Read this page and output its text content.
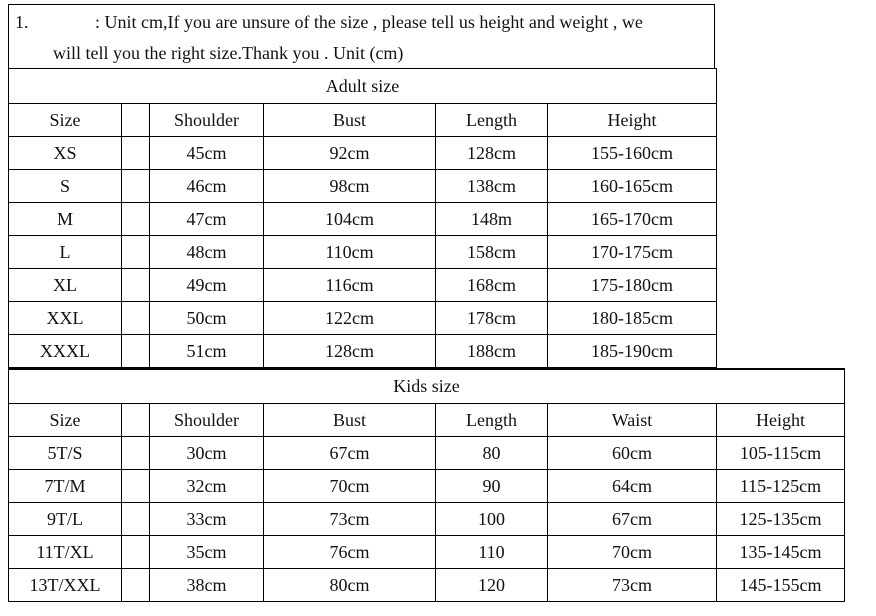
1.	: Unit cm,If you are unsure of the size , please tell us height and weight , we
will tell you the right size.Thank you . Unit (cm)
Adult size					
Size		Shoulder	Bust	Length	Height
XS		45cm	92cm	128cm	155-160cm
S		46cm	98cm	138cm	160-165cm
M		47cm	104cm	148m	165-170cm
L		48cm	110cm	158cm	170-175cm
XL		49cm	116cm	168cm	175-180cm
XXL		50cm	122cm	178cm	180-185cm
XXXL		51cm	128cm	188cm	185-190cm
Kids size						
Size		Shoulder	Bust	Length	Waist	Height
5T/S		30cm	67cm	80	60cm	105-115cm
7T/M		32cm	70cm	90	64cm	115-125cm
9T/L		33cm	73cm	100	67cm	125-135cm
11T/XL		35cm	76cm	110	70cm	135-145cm
13T/XXL		38cm	80cm	120	73cm	145-155cm
